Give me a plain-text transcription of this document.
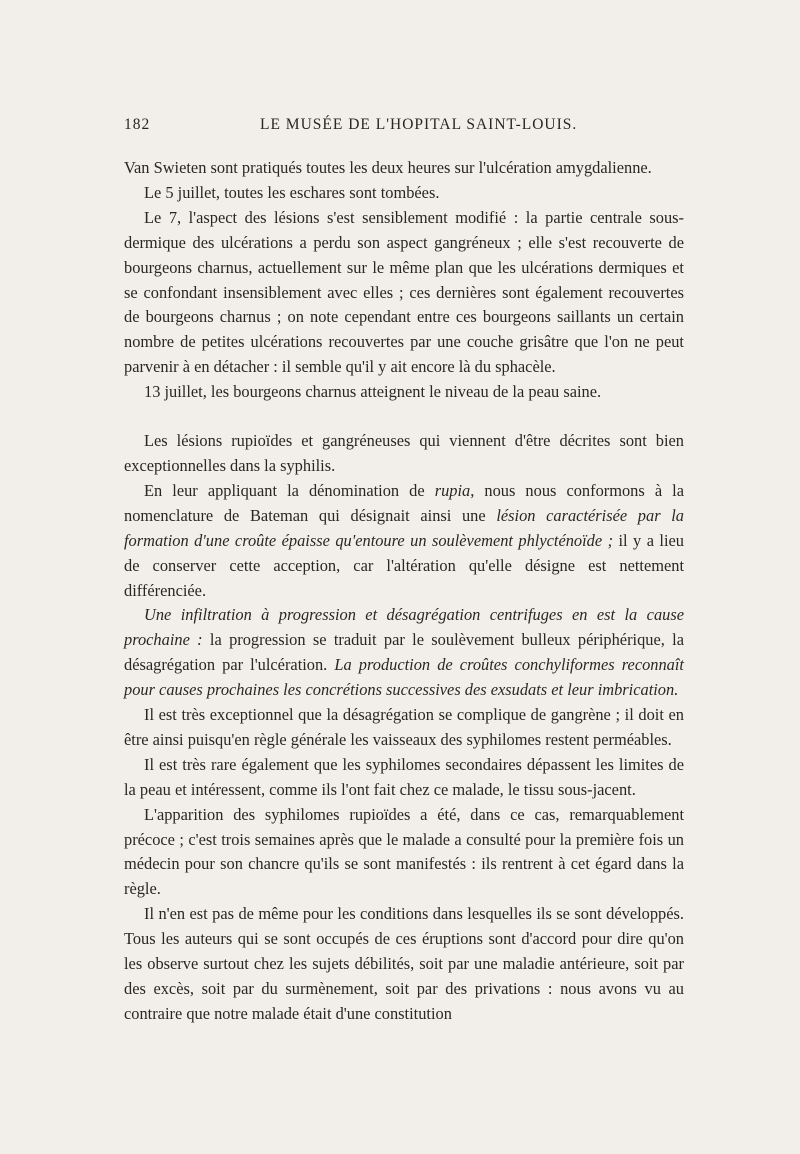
182	LE MUSÉE DE L'HOPITAL SAINT-LOUIS.

Van Swieten sont pratiqués toutes les deux heures sur l'ulcération amygdalienne.

Le 5 juillet, toutes les eschares sont tombées.

Le 7, l'aspect des lésions s'est sensiblement modifié : la partie centrale sous-dermique des ulcérations a perdu son aspect gangréneux ; elle s'est recouverte de bourgeons charnus, actuellement sur le même plan que les ulcérations dermiques et se confondant insensiblement avec elles ; ces dernières sont également recouvertes de bourgeons charnus ; on note cependant entre ces bourgeons saillants un certain nombre de petites ulcérations recouvertes par une couche grisâtre que l'on ne peut parvenir à en détacher : il semble qu'il y ait encore là du sphacèle.

13 juillet, les bourgeons charnus atteignent le niveau de la peau saine.

Les lésions rupioïdes et gangréneuses qui viennent d'être décrites sont bien exceptionnelles dans la syphilis.

En leur appliquant la dénomination de rupia, nous nous conformons à la nomenclature de Bateman qui désignait ainsi une lésion caractérisée par la formation d'une croûte épaisse qu'entoure un soulèvement phlycténoïde ; il y a lieu de conserver cette acception, car l'altération qu'elle désigne est nettement différenciée.

Une infiltration à progression et désagrégation centrifuges en est la cause prochaine : la progression se traduit par le soulèvement bulleux périphérique, la désagrégation par l'ulcération. La production de croûtes conchyliformes reconnaît pour causes prochaines les concrétions successives des exsudats et leur imbrication.

Il est très exceptionnel que la désagrégation se complique de gangrène ; il doit en être ainsi puisqu'en règle générale les vaisseaux des syphilomes restent perméables.

Il est très rare également que les syphilomes secondaires dépassent les limites de la peau et intéressent, comme ils l'ont fait chez ce malade, le tissu sous-jacent.

L'apparition des syphilomes rupioïdes a été, dans ce cas, remarquablement précoce ; c'est trois semaines après que le malade a consulté pour la première fois un médecin pour son chancre qu'ils se sont manifestés : ils rentrent à cet égard dans la règle.

Il n'en est pas de même pour les conditions dans lesquelles ils se sont développés. Tous les auteurs qui se sont occupés de ces éruptions sont d'accord pour dire qu'on les observe surtout chez les sujets débilités, soit par une maladie antérieure, soit par des excès, soit par du surmènement, soit par des privations : nous avons vu au contraire que notre malade était d'une constitution
